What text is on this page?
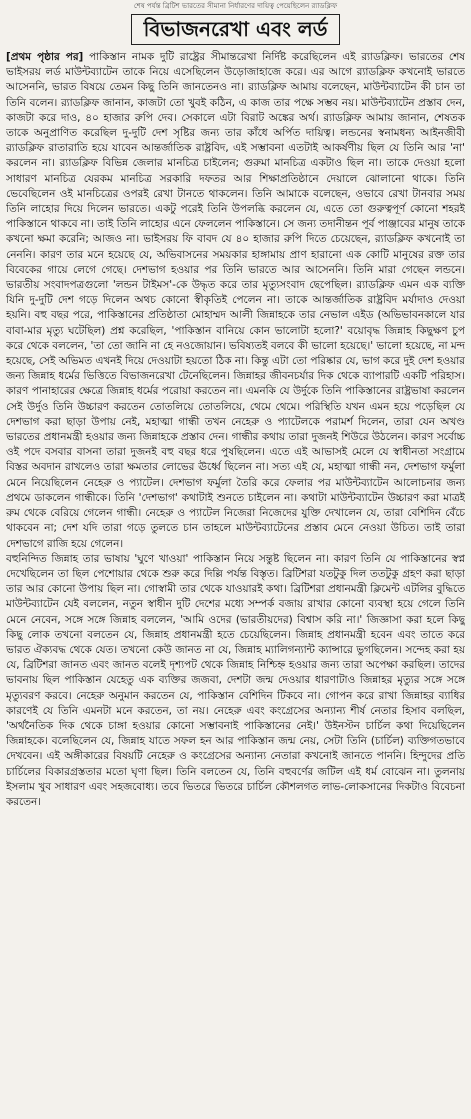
শেষ পর্যন্ত ব্রিটিশ ভারতের সীমানা নির্ধারণের দায়িত্ব পেয়েছিলেন র‍্যাডক্লিফ
বিভাজনরেখা এবং লর্ড

[প্রথম পৃষ্ঠার পর] পাকিস্তান নামক দুটি রাষ্ট্রের সীমান্তরেখা নির্দিষ্ট করেছিলেন এই র‍্যাডক্লিফ। ভারতের শেষ ভাইসরয় লর্ড মাউন্টব্যাটেন তাকে নিয়ে এসেছিলেন উড়োজাহাজে করে। এর আগে র‍্যাডক্লিফ কখনোই ভারতে আসেননি, ভারত বিষয়ে তেমন কিছু তিনি জানতেনও না। র‍্যাডক্লিফ আমায় বলেছেন, মাউন্টব্যাটেন কী চান তা তিনি বলেন। র‍্যাডক্লিফ জানান, কাজটা তো খুবই কঠিন, এ কাজ তার পক্ষে সম্ভব নয়। মাউন্টব্যাটেন প্রস্তাব দেন, কাজটা করে দাও, ৪০ হাজার রুপি দেব। সেকালে এটা বিরাট অঙ্কের অর্থ। র‍্যাডক্লিফ আমায় জানান, শেষতক তাকে অনুপ্রাণিত করেছিল দু-দুটি দেশ সৃষ্টির জন্য তার কাঁধে অর্পিত দায়িত্ব। লন্ডনের স্বনামধন্য আইনজীবী র‍্যাডক্লিফ রাতারাতি হয়ে যাবেন আন্তর্জাতিক রাষ্ট্রবিদ, এই সম্ভাবনা এতটাই আকর্ষণীয় ছিল যে তিনি আর 'না' করলেন না। র‍্যাডক্লিফ বিভিন্ন জেলার মানচিত্র চাইলেন; গুরুমা মানচিত্র একটাও ছিল না। তাকে দেওয়া হলো সাধারণ মানচিত্র যেরকম মানচিত্র সরকারি দফতর আর শিক্ষাপ্রতিষ্ঠানে দেয়ালে ঝোলানো থাকে। তিনি ভেবেছিলেন ওই মানচিত্রের ওপরই রেখা টানতে থাকলেন। তিনি আমাকে বলেছেন, ওভাবে রেখা টানবার সময় তিনি লাহোর দিয়ে দিলেন ভারতে। একটু পরেই তিনি উপলব্ধি করলেন যে, এতে তো গুরুত্বপূর্ণ কোনো শহরই পাকিস্তানে থাকবে না। তাই তিনি লাহোর এনে ফেললেন পাকিস্তানে। সে জন্য তদানীন্তন পূর্ব পাঞ্জাবের মানুষ তাকে কখনো ক্ষমা করেনি; আজও না। ভাইসরয় ফি বাবদ যে ৪০ হাজার রুপি দিতে চেয়েছেন, র‍্যাডক্লিফ কখনোই তা নেননি। কারণ তার মনে হয়েছে যে, অভিবাসনের সময়কার হাঙ্গামায় প্রাণ হারানো এক কোটি মানুষের রক্ত তার বিবেকের গায়ে লেগে গেছে। দেশভাগ হওয়ার পর তিনি ভারতে আর আসেননি। তিনি মারা গেছেন লন্ডনে। ভারতীয় সংবাদপত্রগুলো 'লন্ডন টাইমস'-কে উদ্ধৃত করে তার মৃত্যুসংবাদ ছেপেছিল। র‍্যাডক্লিফ এমন এক ব্যক্তি যিনি দু-দুটি দেশ গড়ে দিলেন অথচ কোনো স্বীকৃতিই পেলেন না। তাকে আন্তর্জাতিক রাষ্ট্রবিদ মর্যাদাও দেওয়া হয়নি। বহু বছর পরে, পাকিস্তানের প্রতিষ্ঠাতা মোহাম্মদ আলী জিন্নাহকে তার নেভাল এইড (অভিভাবনকালে যার বাবা-মার মৃত্যু ঘটেছিল) প্রশ্ন করেছিল, 'পাকিস্তান বানিয়ে কোন ভালোটা হলো?' বয়োবৃদ্ধ জিন্নাহ কিছুক্ষণ চুপ করে থেকে বললেন, 'তা তো জানি না হে নওজোয়ান। ভবিষ্যতই বলবে কী ভালো হয়েছে।' ভালো হয়েছে, না মন্দ হয়েছে, সেই অভিমত এখনই দিয়ে দেওয়াটা হয়তো ঠিক না। কিন্তু এটা তো পরিষ্কার যে, ভাগ করে দুই দেশ হওয়ার জন্য জিন্নাহ ধর্মের ভিত্তিতে বিভাজনরেখা টেনেছিলেন। জিন্নাহর জীবনচর্যার দিক থেকে ব্যাপারটি একটি পরিহাস। কারণ পানাহারের ক্ষেত্রে জিন্নাহ ধর্মের পরোয়া করতেন না। এমনকি যে উর্দুকে তিনি পাকিস্তানের রাষ্ট্রভাষা করলেন সেই উর্দুও তিনি উচ্চারণ করতেন তোতলিয়ে তোতলিয়ে, থেমে থেমে। পরিস্থিতি যখন এমন হয়ে পড়েছিল যে দেশভাগ করা ছাড়া উপায় নেই, মহাত্মা গান্ধী তখন নেহেরু ও প্যাটেলকে পরামর্শ দিলেন, তারা যেন অখণ্ড ভারতের প্রধানমন্ত্রী হওয়ার জন্য জিন্নাহকে প্রস্তাব দেন। গান্ধীর কথায় তারা দুজনই শিউরে উঠলেন। কারণ সর্বোচ্চ ওই পদে বসবার বাসনা তারা দুজনই বহু বছর ধরে পুষছিলেন। এতে এই আভাসই মেলে যে স্বাধীনতা সংগ্রামে বিস্তর অবদান রাখলেও তারা ক্ষমতার লোভের ঊর্ধ্বে ছিলেন না। সত্য এই যে, মহাত্মা গান্ধী নন, দেশভাগ ফর্মুলা মেনে নিয়েছিলেন নেহেরু ও প্যাটেল। দেশভাগ ফর্মুলা তৈরি করে ফেলার পর মাউন্টব্যাটেন আলোচনার জন্য প্রথমে ডাকলেন গান্ধীকে। তিনি 'দেশভাগ' কথাটাই শুনতে চাইলেন না। কথাটা মাউন্টব্যাটেন উচ্চারণ করা মাত্রই রুম থেকে বেরিয়ে গেলেন গান্ধী। নেহেরু ও প্যাটেল নিজেরা নিজেদের যুক্তি দেখালেন যে, তারা বেশিদিন বেঁচে থাকবেন না; দেশ যদি তারা গড়ে তুলতে চান তাহলে মাউন্টব্যাটেনের প্রস্তাব মেনে নেওয়া উচিত। তাই তারা দেশভাগে রাজি হয়ে গেলেন।

বহুনিন্দিত জিন্নাহ তার ভাষায় 'ঘুণে খাওয়া' পাকিস্তান নিয়ে সন্তুষ্ট ছিলেন না। কারণ তিনি যে পাকিস্তানের স্বপ্ন দেখেছিলেন তা ছিল পেশোয়ার থেকে শুরু করে দিল্লি পর্যন্ত বিস্তৃত। ব্রিটিশরা যতটুকু দিল ততটুকু গ্রহণ করা ছাড়া তার আর কোনো উপায় ছিল না। গোস্বামী তার থেকে যাওয়ারই কথা। ব্রিটিশরা প্রধানমন্ত্রী ক্লিমেন্ট এটলির বুদ্ধিতে মাউন্টব্যাটেন যেই বললেন, নতুন স্বাধীন দুটি দেশের মধ্যে সম্পর্ক বজায় রাখার কোনো ব্যবস্থা হয়ে গেলে তিনি মেনে নেবেন, সঙ্গে সঙ্গে জিন্নাহ বললেন, 'আমি ওদের (ভারতীয়দের) বিশ্বাস করি না।' জিজ্ঞাসা করা হলে কিছু কিছু লোক তখনো বলতেন যে, জিন্নাহ প্রধানমন্ত্রী হতে চেয়েছিলেন। জিন্নাহ প্রধানমন্ত্রী হবেন এবং তাতে করে ভারত ঐক্যবদ্ধ থেকে যেত। তখনো কেউ জানত না যে, জিন্নাহ ম্যালিগন্যান্ট ক্যান্সারে ভুগছিলেন। সন্দেহ করা হয় যে, ব্রিটিশরা জানত এবং জানত বলেই দৃশ্যপট থেকে জিন্নাহ নিশ্চিহ্ন হওয়ার জন্য তারা অপেক্ষা করছিল। তাদের ভাবনায় ছিল পাকিস্তান যেহেতু এক ব্যক্তির জজবা, দেশটা জন্ম দেওয়ার ধারণাটাও জিন্নাহর মৃত্যুর সঙ্গে সঙ্গে মৃত্যুবরণ করবে। নেহেরু অনুমান করতেন যে, পাকিস্তান বেশিদিন টিকবে না। গোপন করে রাখা জিন্নাহর ব্যাধির কারণেই যে তিনি এমনটা মনে করতেন, তা নয়। নেহেরু এবং কংগ্রেসের অন্যান্য শীর্ষ নেতার হিসাব বলছিল, 'অর্থনৈতিক দিক থেকে চাঙ্গা হওয়ার কোনো সম্ভাবনাই পাকিস্তানের নেই।' উইনস্টন চার্চিল কথা দিয়েছিলেন জিন্নাহকে। বলেছিলেন যে, জিন্নাহ যাতে সফল হন আর পাকিস্তান জন্ম নেয়, সেটা তিনি (চার্চিল) ব্যক্তিগতভাবে দেখবেন। এই অঙ্গীকারের বিষয়টি নেহেরু ও কংগ্রেসের অন্যান্য নেতারা কখনোই জানতে পাননি। হিন্দুদের প্রতি চার্চিলের বিকারগ্রস্ততার মতো ঘৃণা ছিল। তিনি বলতেন যে, তিনি বহুবর্ণের জটিল এই ধর্ম বোঝেন না। তুলনায় ইসলাম খুব সাধারণ এবং সহজবোধ্য। তবে ভিতরে ভিতরে চার্চিল কৌশলগত লাভ-লোকসানের দিকটাও বিবেচনা করতেন।
